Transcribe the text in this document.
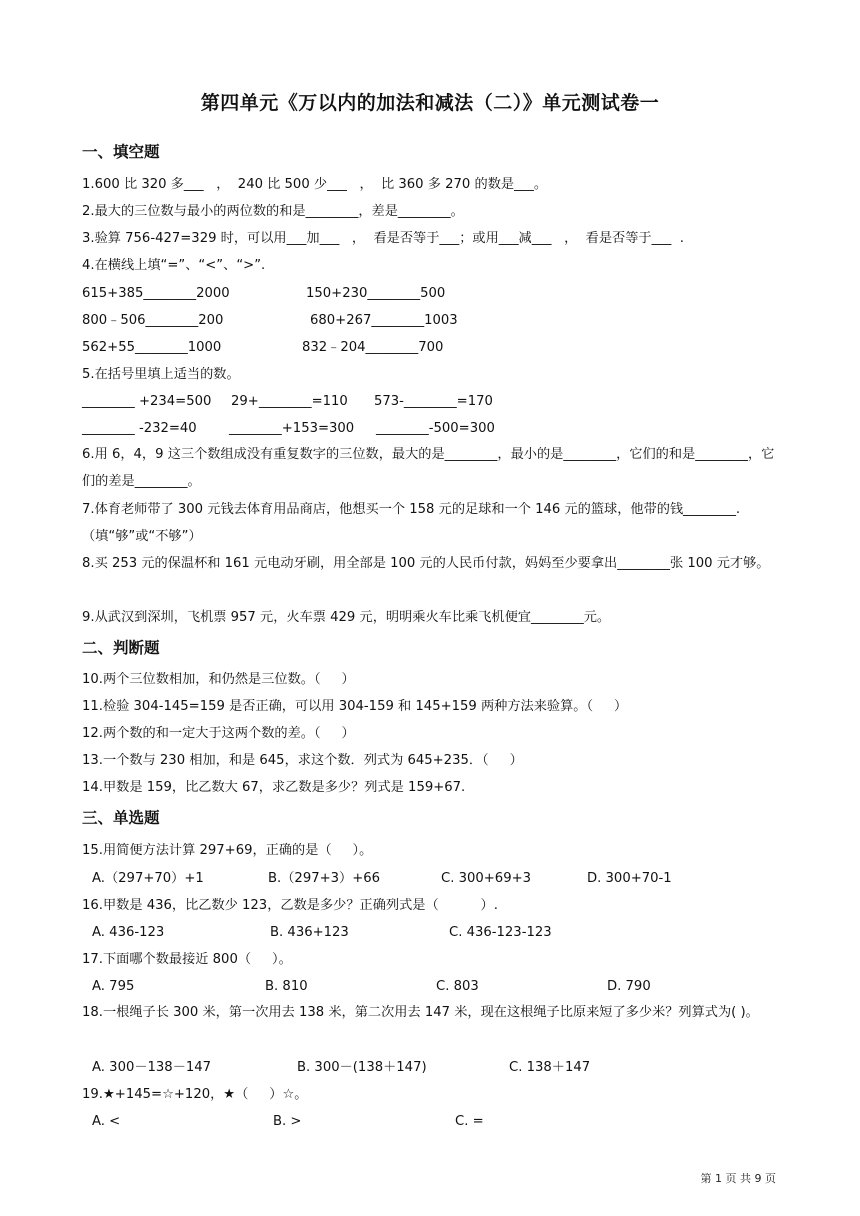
第四单元《万以内的加法和减法（二）》单元测试卷一
一、填空题
1.600 比 320 多___   ，  240 比 500 少___   ，  比 360 多 270 的数是___。
2.最大的三位数与最小的两位数的和是________，差是________。
3.验算 756-427=329 时，可以用___加___   ，  看是否等于___；或用___减___   ，  看是否等于___  .
4.在横线上填“=”、“<”、“>”.
615+385________2000	150+230________500
800﹣506________200	680+267________1003
562+55________1000	832﹣204________700
5.在括号里填上适当的数。
________ +234=500 29+________=110 573-________=170
________ -232=40 ________+153=300 ________-500=300
6.用 6，4，9 这三个数组成没有重复数字的三位数，最大的是________，最小的是________，它们的和是________，它们的差是________。
7.体育老师带了 300 元钱去体育用品商店，他想买一个 158 元的足球和一个 146 元的篮球，他带的钱________. （填“够”或“不够”）
8.买 253 元的保温杯和 161 元电动牙刷，用全部是 100 元的人民币付款，妈妈至少要拿出________张 100 元才够。
9.从武汉到深圳，飞机票 957 元，火车票 429 元，明明乘火车比乘飞机便宜________元。
二、判断题
10.两个三位数相加，和仍然是三位数。（     ）
11.检验 304-145=159 是否正确，可以用 304-159 和 145+159 两种方法来验算。（     ）
12.两个数的和一定大于这两个数的差。（     ）
13.一个数与 230 相加，和是 645，求这个数．列式为 645+235．（     ）
14.甲数是 159，比乙数大 67，求乙数是多少？列式是 159+67.
三、单选题
15.用简便方法计算 297+69，正确的是（     ）。
A.（297+70）+1	B.（297+3）+66	C. 300+69+3	D. 300+70-1
16.甲数是 436，比乙数少 123，乙数是多少？正确列式是（          ）.
A. 436-123	B. 436+123	C. 436-123-123
17.下面哪个数最接近 800（     ）。
A. 795	B. 810	C. 803	D. 790
18.一根绳子长 300 米，第一次用去 138 米，第二次用去 147 米，现在这根绳子比原来短了多少米？列算式为( )。
A. 300－138－147	B. 300－(138＋147)	C. 138＋147
19.★+145=☆+120，★（     ）☆。
A. <	B. >	C. =
第 1 页 共 9 页
